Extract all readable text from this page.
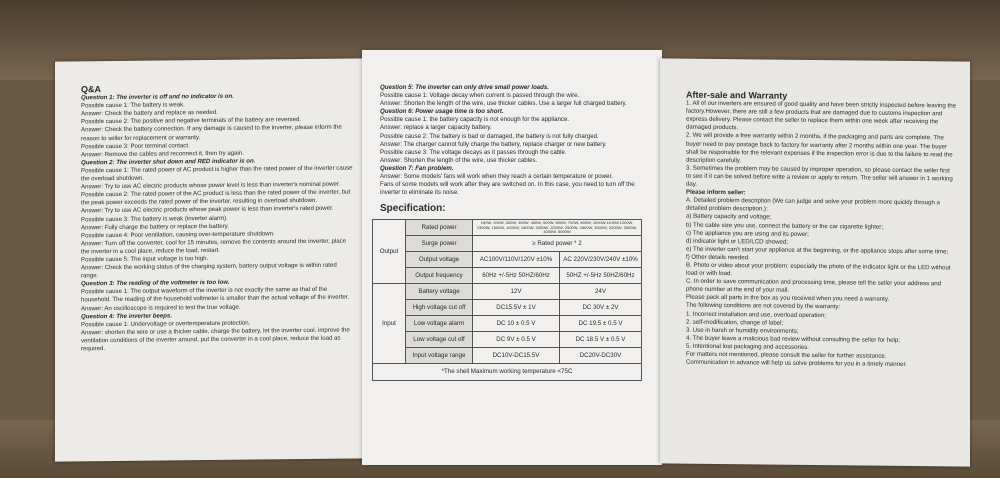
Q&A

Question 1: The inverter is off and no indicator is on.

Possible cause 1: The battery is weak.

Answer: Check the battery and replace as needed.

Possible cause 2: The positive and negative terminals of the battery are reversed.

Answer: Check the battery connection. If any damage is caused to the inverter, please inform the reason to seller for replacement or warranty.

Possible cause 3: Poor terminal contact.

Answer: Remove the cables and reconnect it, then try again.

Question 2: The inverter shut down and RED indicator is on.

Possible cause 1: The rated power of AC product is higher than the rated power of the inverter cause the overload shutdown.

Answer: Try to use AC electric products whose power level is less than inverter's nominal power.

Possible cause 2: The rated power of the AC product is less than the rated power of the inverter, but the peak power exceeds the rated power of the inverter, resulting in overload shutdown.

Answer: Try to use AC electric products whose peak power is less than inverter's rated power.

Possible cause 3: The battery is weak (inverter alarm).

Answer: Fully charge the battery or replace the battery.

Possible cause 4: Poor ventilation, causing over-temperature shutdown.

Answer: Turn off the converter, cool for 15 minutes, remove the contents around the inverter, place the inverter in a cool place, reduce the load, restart.

Possible cause 5: The input voltage is too high.

Answer: Check the working status of the charging system, battery output voltage is within rated range.

Question 3: The reading of the voltmeter is too low.

Possible cause 1: The output waveform of the inverter is not exactly the same as that of the household. The reading of the household voltmeter is smaller than the actual voltage of the inverter.

Answer: An oscilloscope is required to test the true voltage.

Question 4: The inverter beeps.

Possible cause 1: Undervoltage or overtemperature protection.

Answer: shorten the wire or use a thicker cable, charge the battery, let the inverter cool, improve the ventilation conditions of the inverter around, put the converter in a cool place, reduce the load as required.

Question 5: The inverter can only drive small power loads.

Possible cause 1: Voltage decay when current is passed through the wire.

Answer: Shorten the length of the wire, use thicker cables. Use a larger full charged battery.

Question 6: Power usage time is too short.

Possible cause 1: the battery capacity is not enough for the appliance.

Answer: replace a larger capacity battery.

Possible cause 2: The battery is bad or damaged, the battery is not fully charged.

Answer: The charger cannot fully charge the battery, replace charger or new battery.

Possible cause 3: The voltage decays as it passes through the cable.

Answer: Shorten the length of the wire, use thicker cables.

Question 7: Fan problem.

Answer: Some models' fans will work when they reach a certain temperature or power.

Fans of some models will work after they are switched on. In this case, you need to turn off the inverter to eliminate its noise.

Specification:
Output	Rated power	150W, 200W, 300W, 350W, 400W, 500W, 600W, 700W, 800W, 1000W,1100W,1200W, 1300W, 1500W, 1600W, 1800W, 2000W, 2200W, 2500W, 2800W, 3000W, 3200W, 3500W, 4000W, 5000W	
	Surge power	≥ Rated power * 2	
	Output voltage	AC100V/110V/120V ±10%	AC 220V/230V/240V ±10%
	Output frequency	60Hz +/-5Hz 50HZ/60Hz	50HZ +/-5Hz 50HZ/60Hz
Input	Battery voltage	12V	24V
	High voltage cut off	DC15.5V ± 1V	DC 30V ± 2V
	Low voltage alarm	DC 10 ± 0.5 V	DC 19.5 ± 0.5 V
	Low voltage cut off	DC 9V ± 0.5 V	DC 18.5 V ± 0.5 V
	Input voltage range	DC10V-DC15.5V	DC20V-DC30V
*The shell Maximum working temperature <75C			
After-sale and Warranty

1. All of our inverters are ensured of good quality and have been strictly inspected before leaving the factory.However, there are still a few products that are damaged due to customs inspection and express delivery. Please contact the seller to replace them within one week after receiving the damaged products.

2. We will provide a free warranty within 2 months, if the packaging and parts are complete. The buyer need to pay postage back to factory for warranty after 2 months within one year. The buyer shall be responsible for the relevant expenses if the inspection error is due to the failure to read the description carefully.

3. Sometimes the problem may be caused by improper operation, so please contact the seller first to see if it can be solved before write a review or apply to return. The seller will answer in 1 working day.

Please inform seller:

A. Detailed problem description (We can judge and solve your problem more quickly through a detailed problem description.):

a) Battery capacity and voltage;

b) The cable size you use, connect the battery or the car cigarette lighter;

c) The appliance you are using and its power;

d) indicator light or LED/LCD showed;

e) The inverter can't start your appliance at the beginning, or the appliance stops after some time;

f) Other details needed.

B. Photo or video about your problem: especially the photo of the indicator light or the LED without load or with load.

C. In order to save communication and processing time, please tell the seller your address and phone number at the end of your mail.

Please pack all parts in the box as you received when you need a warranty.

The following conditions are not covered by the warranty:

1. Incorrect installation and use, overload operation;

2. self-modification, change of label;

3. Use in harsh or humidity environments;

4. The buyer leave a malicious bad review without consulting the seller for help;

5. Intentional lost packaging and accessories.

For matters not mentioned, please consult the seller for further assistance.

Communication in advance will help us solve problems for you in a timely manner.
